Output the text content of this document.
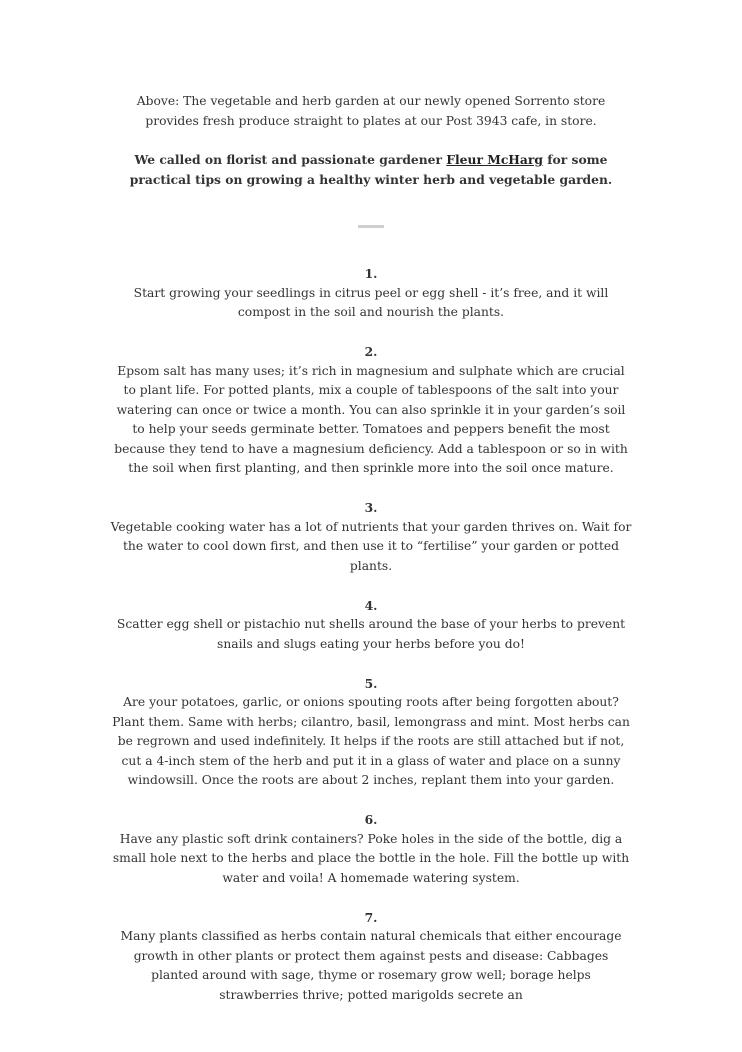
Above: The vegetable and herb garden at our newly opened Sorrento store provides fresh produce straight to plates at our Post 3943 cafe, in store.

We called on florist and passionate gardener Fleur McHarg for some practical tips on growing a healthy winter herb and vegetable garden.

1.

Start growing your seedlings in citrus peel or egg shell - it’s free, and it will compost in the soil and nourish the plants.

2.

Epsom salt has many uses; it’s rich in magnesium and sulphate which are crucial to plant life. For potted plants, mix a couple of tablespoons of the salt into your watering can once or twice a month. You can also sprinkle it in your garden’s soil to help your seeds germinate better. Tomatoes and peppers benefit the most because they tend to have a magnesium deficiency. Add a tablespoon or so in with the soil when first planting, and then sprinkle more into the soil once mature.

3.

Vegetable cooking water has a lot of nutrients that your garden thrives on. Wait for the water to cool down first, and then use it to “fertilise” your garden or potted plants.

4.

Scatter egg shell or pistachio nut shells around the base of your herbs to prevent snails and slugs eating your herbs before you do!

5.

Are your potatoes, garlic, or onions spouting roots after being forgotten about? Plant them. Same with herbs; cilantro, basil, lemongrass and mint. Most herbs can be regrown and used indefinitely. It helps if the roots are still attached but if not, cut a 4-inch stem of the herb and put it in a glass of water and place on a sunny windowsill. Once the roots are about 2 inches, replant them into your garden.

6.

Have any plastic soft drink containers? Poke holes in the side of the bottle, dig a small hole next to the herbs and place the bottle in the hole. Fill the bottle up with water and voila! A homemade watering system.

7.

Many plants classified as herbs contain natural chemicals that either encourage growth in other plants or protect them against pests and disease: Cabbages planted around with sage, thyme or rosemary grow well; borage helps strawberries thrive; potted marigolds secrete an
